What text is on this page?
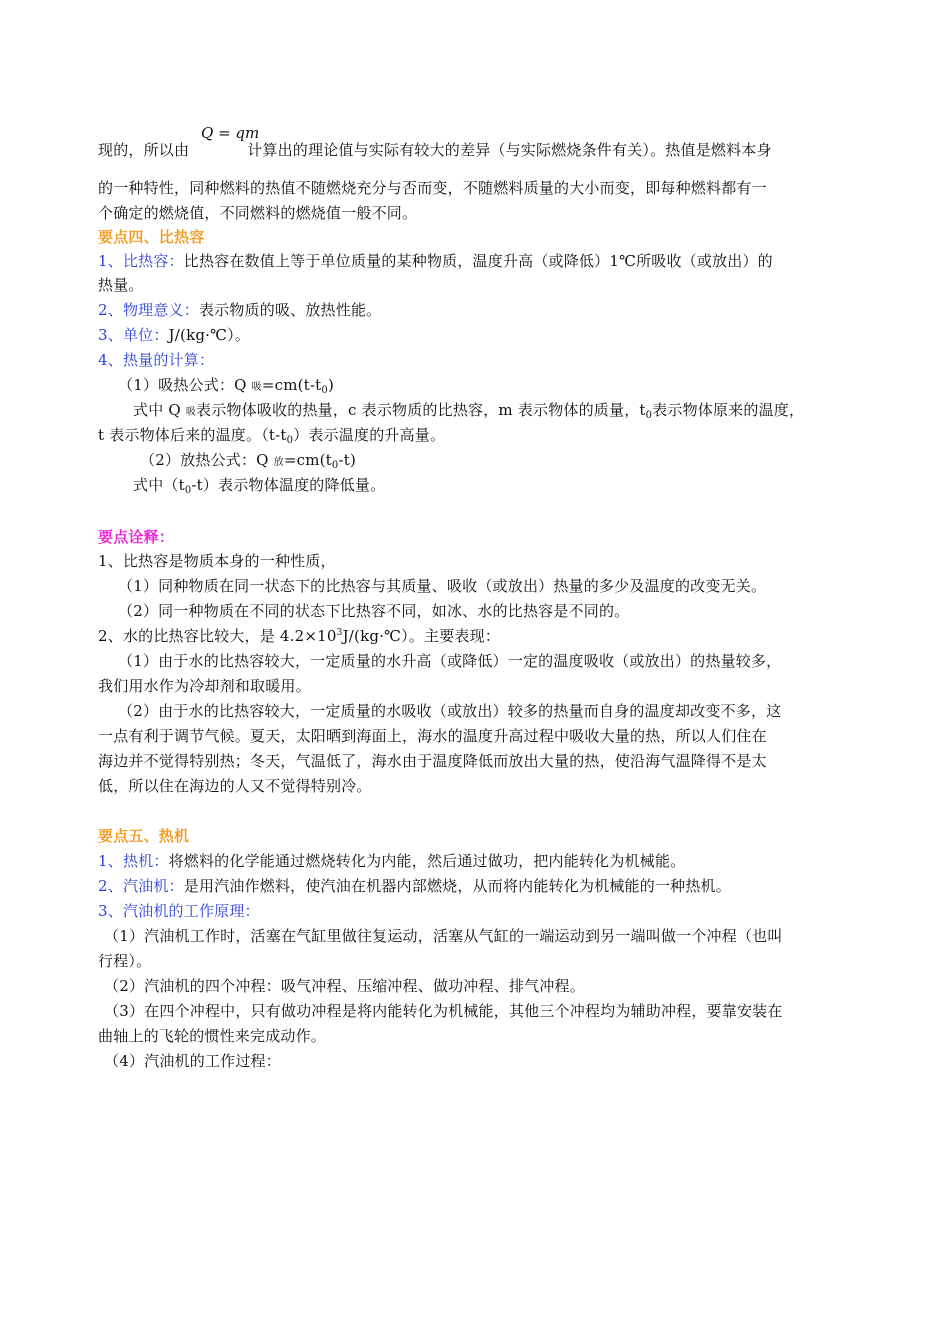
Q = qm
现的，所以由	计算出的理论值与实际有较大的差异（与实际燃烧条件有关）。热值是燃料本身
的一种特性，同种燃料的热值不随燃烧充分与否而变，不随燃料质量的大小而变，即每种燃料都有一
个确定的燃烧值，不同燃料的燃烧值一般不同。
要点四、比热容
1、比热容：比热容在数值上等于单位质量的某种物质，温度升高（或降低）1℃所吸收（或放出）的
热量。
2、物理意义：表示物质的吸、放热性能。
3、单位：J/(kg·℃）。
4、热量的计算：
（1）吸热公式：Q 吸$=cm(t-t_0)$
式中 Q 吸表示物体吸收的热量，c 表示物质的比热容，m 表示物体的质量，$t_0$表示物体原来的温度，
t 表示物体后来的温度。$(t-t_0)$表示温度的升高量。
（2）放热公式：Q 放$=cm(t_0-t)$
式中$(t_0-t)$表示物体温度的降低量。
要点诠释：
1、比热容是物质本身的一种性质，
（1）同种物质在同一状态下的比热容与其质量、吸收（或放出）热量的多少及温度的改变无关。
（2）同一种物质在不同的状态下比热容不同，如冰、水的比热容是不同的。
2、水的比热容比较大，是 $4.2\times 10^3J/(kg\cdot℃)$。主要表现：
（1）由于水的比热容较大，一定质量的水升高（或降低）一定的温度吸收（或放出）的热量较多，
我们用水作为冷却剂和取暖用。
（2）由于水的比热容较大，一定质量的水吸收（或放出）较多的热量而自身的温度却改变不多，这
一点有利于调节气候。夏天，太阳晒到海面上，海水的温度升高过程中吸收大量的热，所以人们住在
海边并不觉得特别热；冬天，气温低了，海水由于温度降低而放出大量的热，使沿海气温降得不是太
低，所以住在海边的人又不觉得特别冷。
要点五、热机
1、热机：将燃料的化学能通过燃烧转化为内能，然后通过做功，把内能转化为机械能。
2、汽油机：是用汽油作燃料，使汽油在机器内部燃烧，从而将内能转化为机械能的一种热机。
3、汽油机的工作原理：
（1）汽油机工作时，活塞在气缸里做往复运动，活塞从气缸的一端运动到另一端叫做一个冲程（也叫
行程）。
（2）汽油机的四个冲程：吸气冲程、压缩冲程、做功冲程、排气冲程。
（3）在四个冲程中，只有做功冲程是将内能转化为机械能，其他三个冲程均为辅助冲程，要靠安装在
曲轴上的飞轮的惯性来完成动作。
（4）汽油机的工作过程：
